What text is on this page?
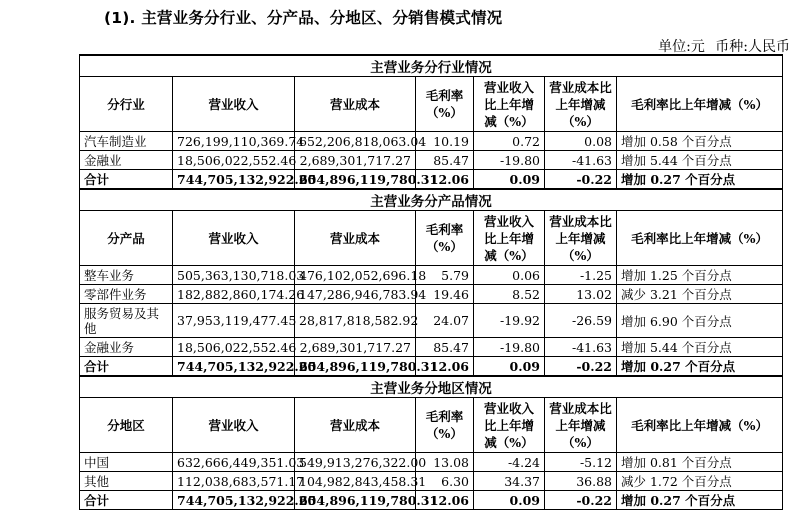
(1). 主营业务分行业、分产品、分地区、分销售模式情况
单位:元 币种:人民币
主营业务分行业情况						
分行业	营业收入	营业成本	毛利率（%）	营业收入比上年增减（%）	营业成本比上年增减（%）	毛利率比上年增减（%）
汽车制造业	726,199,110,369.74	652,206,818,063.04	10.19	0.72	0.08	增加 0.58 个百分点
金融业	18,506,022,552.46	2,689,301,717.27	85.47	-19.80	-41.63	增加 5.44 个百分点
合计	744,705,132,922.20	654,896,119,780.31	12.06	0.09	-0.22	增加 0.27 个百分点
主营业务分产品情况						
分产品	营业收入	营业成本	毛利率（%）	营业收入比上年增减（%）	营业成本比上年增减（%）	毛利率比上年增减（%）
整车业务	505,363,130,718.03	476,102,052,696.18	5.79	0.06	-1.25	增加 1.25 个百分点
零部件业务	182,882,860,174.26	147,286,946,783.94	19.46	8.52	13.02	减少 3.21 个百分点
服务贸易及其他	37,953,119,477.45	28,817,818,582.92	24.07	-19.92	-26.59	增加 6.90 个百分点
金融业务	18,506,022,552.46	2,689,301,717.27	85.47	-19.80	-41.63	增加 5.44 个百分点
合计	744,705,132,922.20	654,896,119,780.31	12.06	0.09	-0.22	增加 0.27 个百分点
主营业务分地区情况						
分地区	营业收入	营业成本	毛利率（%）	营业收入比上年增减（%）	营业成本比上年增减（%）	毛利率比上年增减（%）
中国	632,666,449,351.03	549,913,276,322.00	13.08	-4.24	-5.12	增加 0.81 个百分点
其他	112,038,683,571.17	104,982,843,458.31	6.30	34.37	36.88	减少 1.72 个百分点
合计	744,705,132,922.20	654,896,119,780.31	12.06	0.09	-0.22	增加 0.27 个百分点
